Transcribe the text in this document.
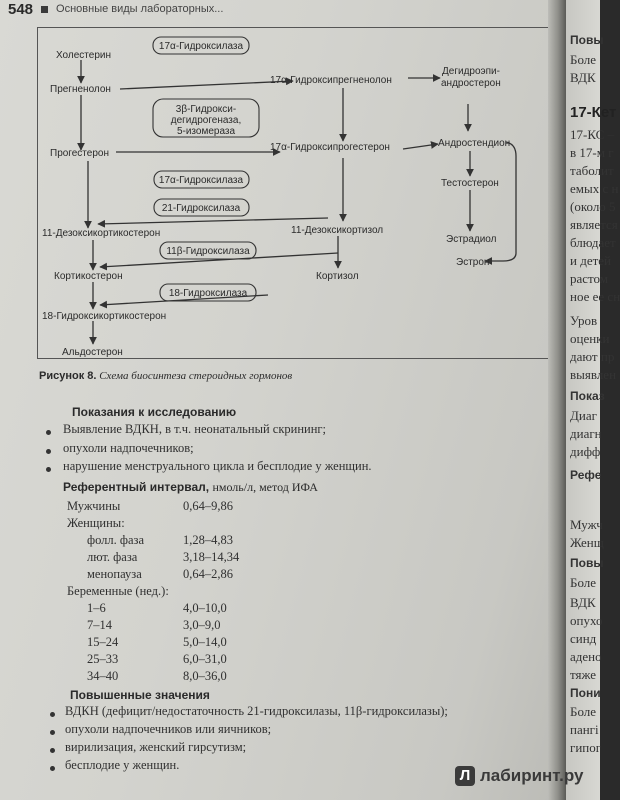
548 Основные виды лабораторных...
Холестерин
Прегненолон
17α-Гидроксипрегненолон
Дегидроэпи-
андростерон
Прогестерон
17α-Гидроксипрогестерон	Андростендион
Тестостерон
Эстрадиол
Эстрон
11-Дезоксикортикостерон	11-Дезоксикортизол
Кортикостерон	Кортизол
18-Гидроксикортикостерон
Альдостерон
17α-Гидроксилаза
3β-Гидрокси-
дегидрогеназа,
5-изомераза
17α-Гидроксилаза
21-Гидроксилаза
11β-Гидроксилаза
18-Гидроксилаза
Рисунок 8. Схема биосинтеза стероидных гормонов
Показания к исследованию
Выявление ВДКН, в т.ч. неонатальный скрининг;
опухоли надпочечников;
нарушение менструального цикла и бесплодие у женщин.
Референтный интервал, нмоль/л, метод ИФА
Мужчины	0,64–9,86
Женщины:
фолл. фаза	1,28–4,83
лют. фаза	3,18–14,34
менопауза	0,64–2,86
Беременные (нед.):
1–6	4,0–10,0
7–14	3,0–9,0
15–24	5,0–14,0
25–33	6,0–31,0
34–40	8,0–36,0
Повышенные значения
ВДКН (дефицит/недостаточность 21-гидроксилазы, 11β-гидроксилазы);
опухоли надпочечников или яичников;
вирилизация, женский гирсутизм;
бесплодие у женщин.
Повы
Боле
ВДК
17-Кет
17-КС –
в 17-м г
таболит
емых с н
(около 5
является
блюдает
и детей
растом
ное ее сн
Уров
оценки
дают пр
выявлен
Показ
Диаг
диагн
дифф
Рефе
Мужч
Женщ
Повы
Боле
ВДК
опухо
синд
адено
тяже
Пони
Боле
пангі
гипог
Л лабиринт.ру
